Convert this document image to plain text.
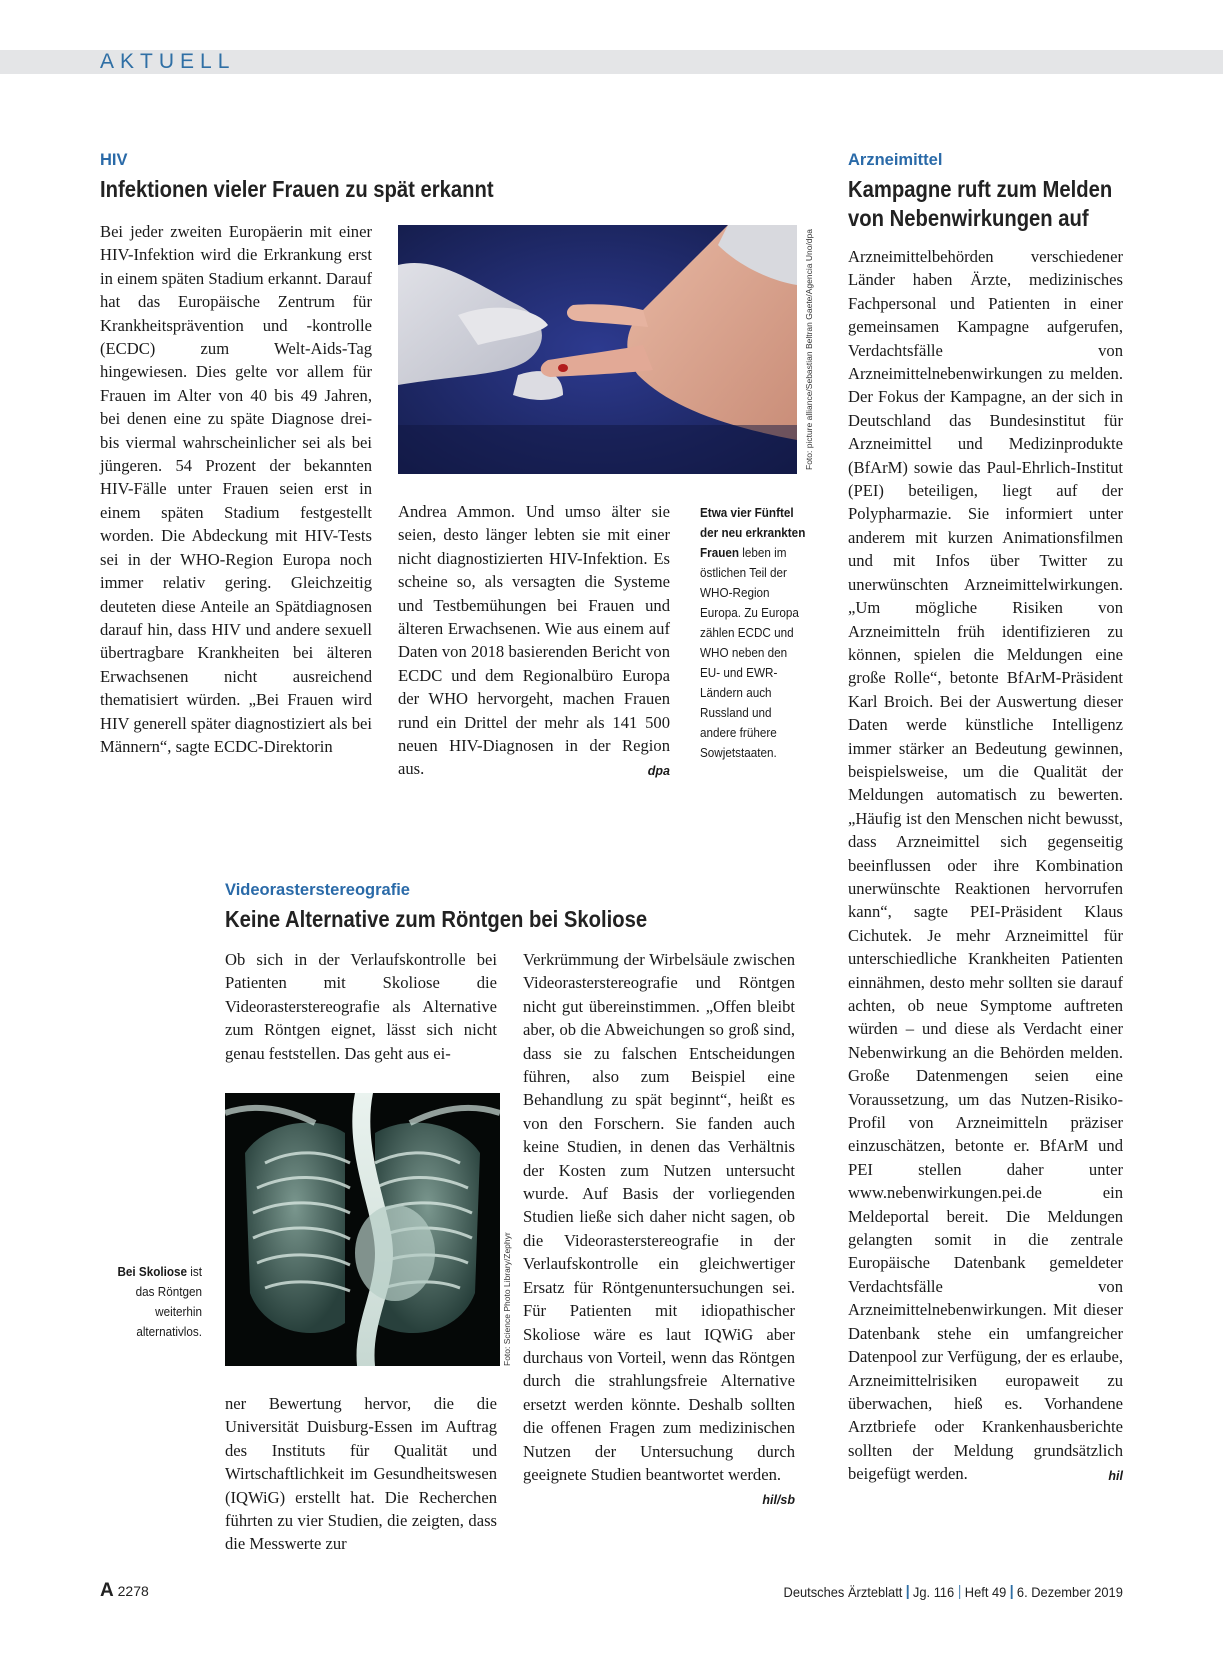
AKTUELL
HIV
Infektionen vieler Frauen zu spät erkannt
Bei jeder zweiten Europäerin mit einer HIV-Infektion wird die Erkrankung erst in einem späten Stadium erkannt. Darauf hat das Europäische Zentrum für Krankheitsprävention und -kontrolle (ECDC) zum Welt-Aids-Tag hingewiesen. Dies gelte vor allem für Frauen im Alter von 40 bis 49 Jahren, bei denen eine zu späte Diagnose drei- bis viermal wahrscheinlicher sei als bei jüngeren. 54 Prozent der bekannten HIV-Fälle unter Frauen seien erst in einem späten Stadium festgestellt worden. Die Abdeckung mit HIV-Tests sei in der WHO-Region Europa noch immer relativ gering. Gleichzeitig deuteten diese Anteile an Spätdiagnosen darauf hin, dass HIV und andere sexuell übertragbare Krankheiten bei älteren Erwachsenen nicht ausreichend thematisiert würden. „Bei Frauen wird HIV generell später diagnostiziert als bei Männern“, sagte ECDC-Direktorin
Foto: picture alliance/Sebastian Beltran Gaete/Agencia Uno/dpa
Andrea Ammon. Und umso älter sie seien, desto länger lebten sie mit einer nicht diagnostizierten HIV-Infektion. Es scheine so, als versagten die Systeme und Testbemühungen bei Frauen und älteren Erwachsenen. Wie aus einem auf Daten von 2018 basierenden Bericht von ECDC und dem Regionalbüro Europa der WHO hervorgeht, machen Frauen rund ein Drittel der mehr als 141 500 neuen HIV-Diagnosen in der Region aus.	dpa
Etwa vier Fünftel der neu erkrankten Frauen leben im östlichen Teil der WHO-Region Europa. Zu Europa zählen ECDC und WHO neben den EU- und EWR-Ländern auch Russland und andere frühere Sowjetstaaten.
Videorasterstereografie
Keine Alternative zum Röntgen bei Skoliose
Ob sich in der Verlaufskontrolle bei Patienten mit Skoliose die Videorasterstereografie als Alternative zum Röntgen eignet, lässt sich nicht genau feststellen. Das geht aus ei-
Foto: Science Photo Library/Zephyr
Bei Skoliose ist das Röntgen weiterhin alternativlos.
ner Bewertung hervor, die die Universität Duisburg-Essen im Auftrag des Instituts für Qualität und Wirtschaftlichkeit im Gesundheitswesen (IQWiG) erstellt hat. Die Recherchen führten zu vier Studien, die zeigten, dass die Messwerte zur
Verkrümmung der Wirbelsäule zwischen Videorasterstereografie und Röntgen nicht gut übereinstimmen. „Offen bleibt aber, ob die Abweichungen so groß sind, dass sie zu falschen Entscheidungen führen, also zum Beispiel eine Behandlung zu spät beginnt“, heißt es von den Forschern. Sie fanden auch keine Studien, in denen das Verhältnis der Kosten zum Nutzen untersucht wurde. Auf Basis der vorliegenden Studien ließe sich daher nicht sagen, ob die Videorasterstereografie in der Verlaufskontrolle ein gleichwertiger Ersatz für Röntgenuntersuchungen sei. Für Patienten mit idiopathischer Skoliose wäre es laut IQWiG aber durchaus von Vorteil, wenn das Röntgen durch die strahlungsfreie Alternative ersetzt werden könnte. Deshalb sollten die offenen Fragen zum medizinischen Nutzen der Untersuchung durch geeignete Studien beantwortet werden.
hil/sb
Arzneimittel
Kampagne ruft zum Melden
von Nebenwirkungen auf
Arzneimittelbehörden verschiedener Länder haben Ärzte, medizinisches Fachpersonal und Patienten in einer gemeinsamen Kampagne aufgerufen, Verdachtsfälle von Arzneimittelnebenwirkungen zu melden. Der Fokus der Kampagne, an der sich in Deutschland das Bundesinstitut für Arzneimittel und Medizinprodukte (BfArM) sowie das Paul-Ehrlich-Institut (PEI) beteiligen, liegt auf der Polypharmazie. Sie informiert unter anderem mit kurzen Animationsfilmen und mit Infos über Twitter zu unerwünschten Arzneimittelwirkungen. „Um mögliche Risiken von Arzneimitteln früh identifizieren zu können, spielen die Meldungen eine große Rolle“, betonte BfArM-Präsident Karl Broich. Bei der Auswertung dieser Daten werde künstliche Intelligenz immer stärker an Bedeutung gewinnen, beispielsweise, um die Qualität der Meldungen automatisch zu bewerten. „Häufig ist den Menschen nicht bewusst, dass Arzneimittel sich gegenseitig beeinflussen oder ihre Kombination unerwünschte Reaktionen hervorrufen kann“, sagte PEI-Präsident Klaus Cichutek. Je mehr Arzneimittel für unterschiedliche Krankheiten Patienten einnähmen, desto mehr sollten sie darauf achten, ob neue Symptome auftreten würden – und diese als Verdacht einer Nebenwirkung an die Behörden melden. Große Datenmengen seien eine Voraussetzung, um das Nutzen-Risiko-Profil von Arzneimitteln präziser einzuschätzen, betonte er. BfArM und PEI stellen daher unter www.nebenwirkungen.pei.de ein Meldeportal bereit. Die Meldungen gelangten somit in die zentrale Europäische Datenbank gemeldeter Verdachtsfälle von Arzneimittelnebenwirkungen. Mit dieser Datenbank stehe ein umfangreicher Datenpool zur Verfügung, der es erlaube, Arzneimittelrisiken europaweit zu überwachen, hieß es. Vorhandene Arztbriefe oder Krankenhausberichte sollten der Meldung grundsätzlich beigefügt werden.	hil
A 2278	Deutsches Ärzteblatt Jg. 116 Heft 49 6. Dezember 2019
